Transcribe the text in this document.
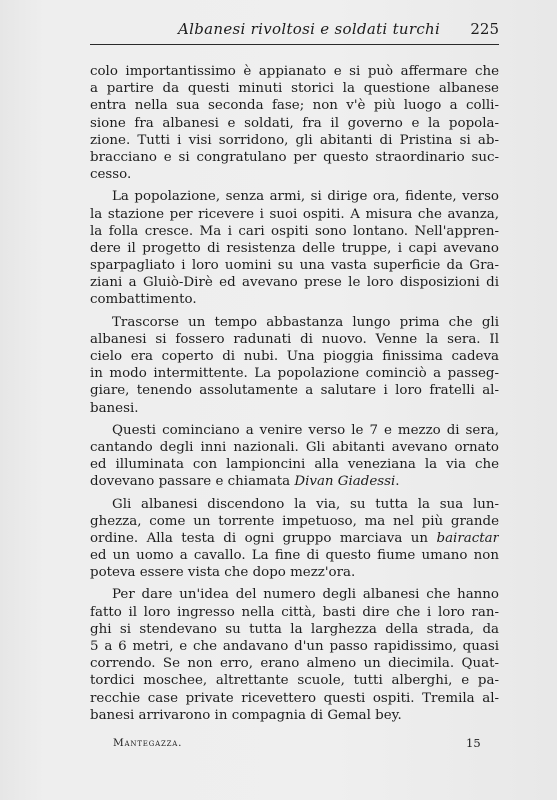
Albanesi rivoltosi e soldati turchi 225
colo importantissimo è appianato e si può affermare che
a partire da questi minuti storici la questione albanese
entra nella sua seconda fase; non v'è più luogo a colli-
sione fra albanesi e soldati, fra il governo e la popola-
zione. Tutti i visi sorridono, gli abitanti di Pristina si ab-
bracciano e si congratulano per questo straordinario suc-
cesso.
La popolazione, senza armi, si dirige ora, fidente, verso
la stazione per ricevere i suoi ospiti. A misura che avanza,
la folla cresce. Ma i cari ospiti sono lontano. Nell'appren-
dere il progetto di resistenza delle truppe, i capi avevano
sparpagliato i loro uomini su una vasta superficie da Gra-
ziani a Gluiò-Dirè ed avevano prese le loro disposizioni di
combattimento.
Trascorse un tempo abbastanza lungo prima che gli
albanesi si fossero radunati di nuovo. Venne la sera. Il
cielo era coperto di nubi. Una pioggia finissima cadeva
in modo intermittente. La popolazione cominciò a passeg-
giare, tenendo assolutamente a salutare i loro fratelli al-
banesi.
Questi cominciano a venire verso le 7 e mezzo di sera,
cantando degli inni nazionali. Gli abitanti avevano ornato
ed illuminata con lampioncini alla veneziana la via che
dovevano passare e chiamata Divan Giadessi.
Gli albanesi discendono la via, su tutta la sua lun-
ghezza, come un torrente impetuoso, ma nel più grande
ordine. Alla testa di ogni gruppo marciava un bairactar
ed un uomo a cavallo. La fine di questo fiume umano non
poteva essere vista che dopo mezz'ora.
Per dare un'idea del numero degli albanesi che hanno
fatto il loro ingresso nella città, basti dire che i loro ran-
ghi si stendevano su tutta la larghezza della strada, da
5 a 6 metri, e che andavano d'un passo rapidissimo, quasi
correndo. Se non erro, erano almeno un diecimila. Quat-
tordici moschee, altrettante scuole, tutti alberghi, e pa-
recchie case private ricevettero questi ospiti. Tremila al-
banesi arrivarono in compagnia di Gemal bey.
Mantegazza.	15
